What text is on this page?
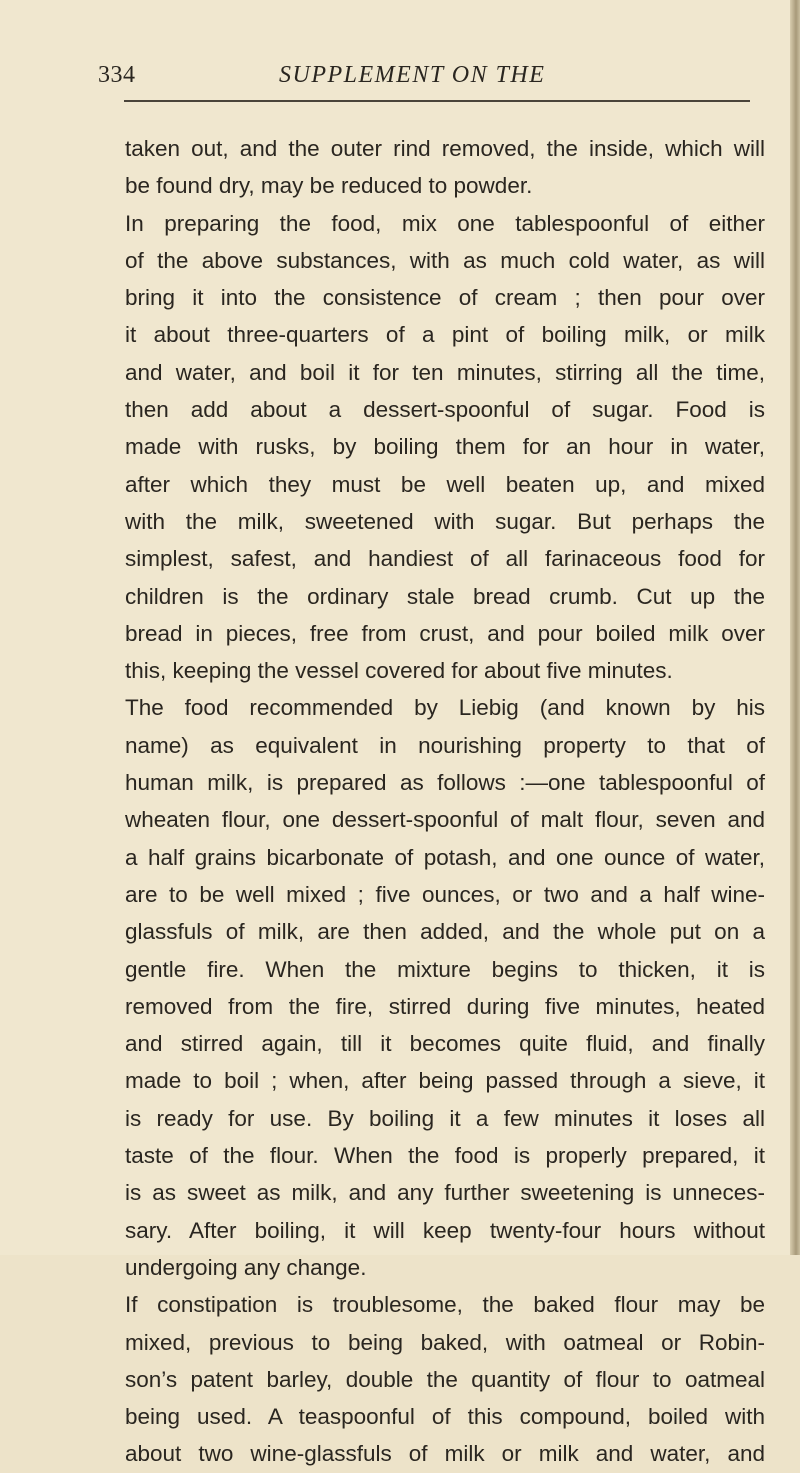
334	SUPPLEMENT ON THE
taken out, and the outer rind removed, the inside, which will
be found dry, may be reduced to powder.
In preparing the food, mix one tablespoonful of either
of the above substances, with as much cold water, as will
bring it into the consistence of cream ; then pour over
it about three-quarters of a pint of boiling milk, or milk
and water, and boil it for ten minutes, stirring all the time,
then add about a dessert-spoonful of sugar. Food is
made with rusks, by boiling them for an hour in water,
after which they must be well beaten up, and mixed
with the milk, sweetened with sugar. But perhaps the
simplest, safest, and handiest of all farinaceous food for
children is the ordinary stale bread crumb. Cut up the
bread in pieces, free from crust, and pour boiled milk over
this, keeping the vessel covered for about five minutes.
The food recommended by Liebig (and known by his
name) as equivalent in nourishing property to that of
human milk, is prepared as follows :—one tablespoonful of
wheaten flour, one dessert-spoonful of malt flour, seven and
a half grains bicarbonate of potash, and one ounce of water,
are to be well mixed ; five ounces, or two and a half wine-
glassfuls of milk, are then added, and the whole put on a
gentle fire. When the mixture begins to thicken, it is
removed from the fire, stirred during five minutes, heated
and stirred again, till it becomes quite fluid, and finally
made to boil ; when, after being passed through a sieve, it
is ready for use. By boiling it a few minutes it loses all
taste of the flour. When the food is properly prepared, it
is as sweet as milk, and any further sweetening is unneces-
sary. After boiling, it will keep twenty-four hours without
undergoing any change.
If constipation is troublesome, the baked flour may be
mixed, previous to being baked, with oatmeal or Robin-
son’s patent barley, double the quantity of flour to oatmeal
being used. A teaspoonful of this compound, boiled with
about two wine-glassfuls of milk or milk and water, and
